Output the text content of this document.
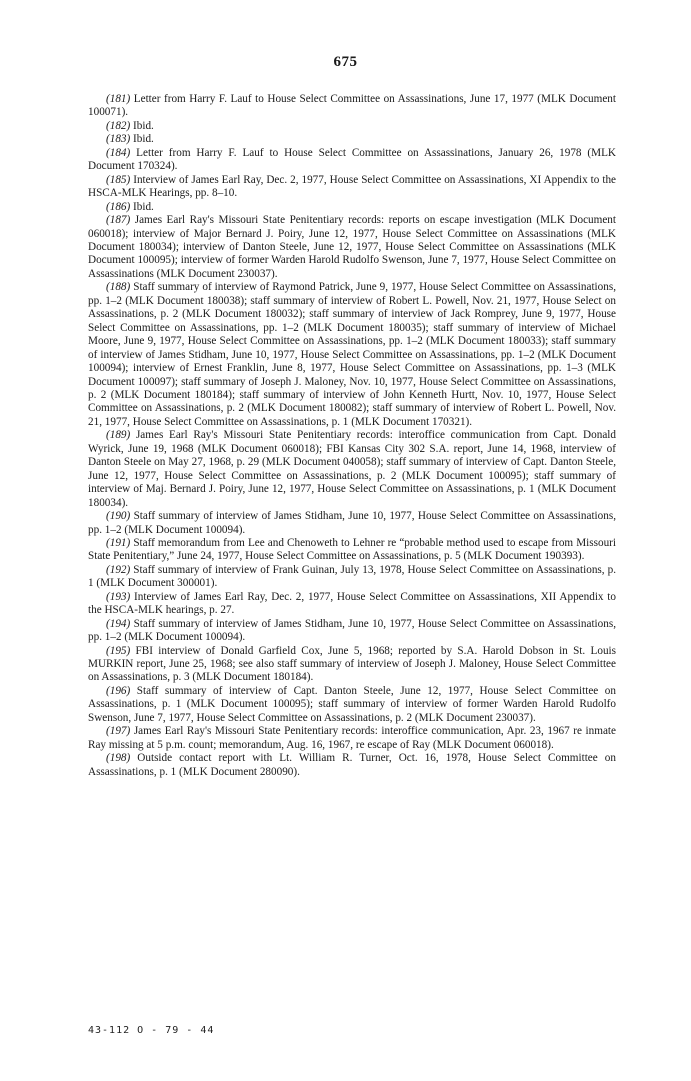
675

(181) Letter from Harry F. Lauf to House Select Committee on Assassinations, June 17, 1977 (MLK Document 100071).

(182) Ibid.

(183) Ibid.

(184) Letter from Harry F. Lauf to House Select Committee on Assassinations, January 26, 1978 (MLK Document 170324).

(185) Interview of James Earl Ray, Dec. 2, 1977, House Select Committee on Assassinations, XI Appendix to the HSCA-MLK Hearings, pp. 8–10.

(186) Ibid.

(187) James Earl Ray's Missouri State Penitentiary records: reports on escape investigation (MLK Document 060018); interview of Major Bernard J. Poiry, June 12, 1977, House Select Committee on Assassinations (MLK Document 180034); interview of Danton Steele, June 12, 1977, House Select Committee on Assassinations (MLK Document 100095); interview of former Warden Harold Rudolfo Swenson, June 7, 1977, House Select Committee on Assassinations (MLK Document 230037).

(188) Staff summary of interview of Raymond Patrick, June 9, 1977, House Select Committee on Assassinations, pp. 1–2 (MLK Document 180038); staff summary of interview of Robert L. Powell, Nov. 21, 1977, House Select on Assassinations, p. 2 (MLK Document 180032); staff summary of interview of Jack Romprey, June 9, 1977, House Select Committee on Assassinations, pp. 1–2 (MLK Document 180035); staff summary of interview of Michael Moore, June 9, 1977, House Select Committee on Assassinations, pp. 1–2 (MLK Document 180033); staff summary of interview of James Stidham, June 10, 1977, House Select Committee on Assassinations, pp. 1–2 (MLK Document 100094); interview of Ernest Franklin, June 8, 1977, House Select Committee on Assassinations, pp. 1–3 (MLK Document 100097); staff summary of Joseph J. Maloney, Nov. 10, 1977, House Select Committee on Assassinations, p. 2 (MLK Document 180184); staff summary of interview of John Kenneth Hurtt, Nov. 10, 1977, House Select Committee on Assassinations, p. 2 (MLK Document 180082); staff summary of interview of Robert L. Powell, Nov. 21, 1977, House Select Committee on Assassinations, p. 1 (MLK Document 170321).

(189) James Earl Ray's Missouri State Penitentiary records: interoffice communication from Capt. Donald Wyrick, June 19, 1968 (MLK Document 060018); FBI Kansas City 302 S.A. report, June 14, 1968, interview of Danton Steele on May 27, 1968, p. 29 (MLK Document 040058); staff summary of interview of Capt. Danton Steele, June 12, 1977, House Select Committee on Assassinations, p. 2 (MLK Document 100095); staff summary of interview of Maj. Bernard J. Poiry, June 12, 1977, House Select Committee on Assassinations, p. 1 (MLK Document 180034).

(190) Staff summary of interview of James Stidham, June 10, 1977, House Select Committee on Assassinations, pp. 1–2 (MLK Document 100094).

(191) Staff memorandum from Lee and Chenoweth to Lehner re “probable method used to escape from Missouri State Penitentiary,” June 24, 1977, House Select Committee on Assassinations, p. 5 (MLK Document 190393).

(192) Staff summary of interview of Frank Guinan, July 13, 1978, House Select Committee on Assassinations, p. 1 (MLK Document 300001).

(193) Interview of James Earl Ray, Dec. 2, 1977, House Select Committee on Assassinations, XII Appendix to the HSCA-MLK hearings, p. 27.

(194) Staff summary of interview of James Stidham, June 10, 1977, House Select Committee on Assassinations, pp. 1–2 (MLK Document 100094).

(195) FBI interview of Donald Garfield Cox, June 5, 1968; reported by S.A. Harold Dobson in St. Louis MURKIN report, June 25, 1968; see also staff summary of interview of Joseph J. Maloney, House Select Committee on Assassinations, p. 3 (MLK Document 180184).

(196) Staff summary of interview of Capt. Danton Steele, June 12, 1977, House Select Committee on Assassinations, p. 1 (MLK Document 100095); staff summary of interview of former Warden Harold Rudolfo Swenson, June 7, 1977, House Select Committee on Assassinations, p. 2 (MLK Document 230037).

(197) James Earl Ray's Missouri State Penitentiary records: interoffice communication, Apr. 23, 1967 re inmate Ray missing at 5 p.m. count; memorandum, Aug. 16, 1967, re escape of Ray (MLK Document 060018).

(198) Outside contact report with Lt. William R. Turner, Oct. 16, 1978, House Select Committee on Assassinations, p. 1 (MLK Document 280090).

43-112 O - 79 - 44
